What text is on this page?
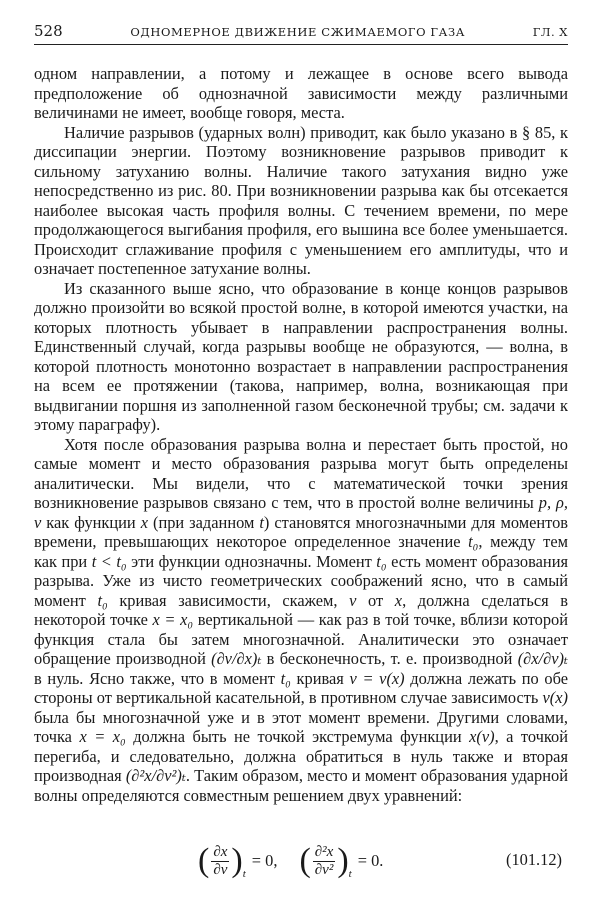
528	ОДНОМЕРНОЕ ДВИЖЕНИЕ СЖИМАЕМОГО ГАЗА	ГЛ. X

одном направлении, а потому и лежащее в основе всего вывода предположение об однозначной зависимости между различными величинами не имеет, вообще говоря, места.

Наличие разрывов (ударных волн) приводит, как было указано в § 85, к диссипации энергии. Поэтому возникновение разрывов приводит к сильному затуханию волны. Наличие такого затухания видно уже непосредственно из рис. 80. При возникновении разрыва как бы отсекается наиболее высокая часть профиля волны. С течением времени, по мере продолжающегося выгибания профиля, его вышина все более уменьшается. Происходит сглаживание профиля с уменьшением его амплитуды, что и означает постепенное затухание волны.

Из сказанного выше ясно, что образование в конце концов разрывов должно произойти во всякой простой волне, в которой имеются участки, на которых плотность убывает в направлении распространения волны. Единственный случай, когда разрывы вообще не образуются, — волна, в которой плотность монотонно возрастает в направлении распространения на всем ее протяжении (такова, например, волна, возникающая при выдвигании поршня из заполненной газом бесконечной трубы; см. задачи к этому параграфу).

Хотя после образования разрыва волна и перестает быть простой, но самые момент и место образования разрыва могут быть определены аналитически. Мы видели, что с математической точки зрения возникновение разрывов связано с тем, что в простой волне величины p, ρ, v как функции x (при заданном t) становятся многозначными для моментов времени, превышающих некоторое определенное значение t₀, между тем как при t < t₀ эти функции однозначны. Момент t₀ есть момент образования разрыва. Уже из чисто геометрических соображений ясно, что в самый момент t₀ кривая зависимости, скажем, v от x, должна сделаться в некоторой точке x = x₀ вертикальной — как раз в той точке, вблизи которой функция стала бы затем многозначной. Аналитически это означает обращение производной (∂v/∂x)ₜ в бесконечность, т. е. производной (∂x/∂v)ₜ в нуль. Ясно также, что в момент t₀ кривая v = v(x) должна лежать по обе стороны от вертикальной касательной, в противном случае зависимость v(x) была бы многозначной уже и в этот момент времени. Другими словами, точка x = x₀ должна быть не точкой экстремума функции x(v), а точкой перегиба, и следовательно, должна обратиться в нуль также и вторая производная (∂²x/∂v²)ₜ. Таким образом, место и момент образования ударной волны определяются совместным решением двух уравнений:

( $\frac{\partial x}{\partial v}$ ) t
= 0, ( $\frac{\text{∂²x}}{\text{∂v²}}$ ) t
= 0.	(101.12)
